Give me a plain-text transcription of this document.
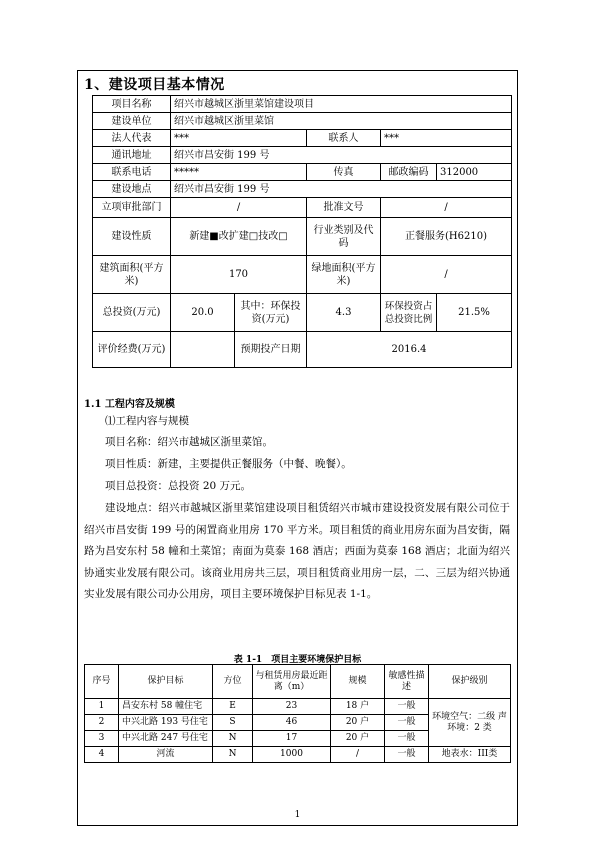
1、建设项目基本情况
项目名称	绍兴市越城区浙里菜馆建设项目				
建设单位	绍兴市越城区浙里菜馆				
法人代表	***		联系人	***	
通讯地址	绍兴市昌安街 199 号				
联系电话	*****		传真	邮政编码	312000
建设地点	绍兴市昌安街 199 号				
立项审批部门	/		批准文号	/	
建设性质	新建■改扩建□技改□		行业类别及代码	正餐服务(H6210)	
建筑面积(平方米)	170		绿地面积(平方米)	/	
总投资(万元)	20.0	其中：环保投资(万元)	4.3	环保投资占总投资比例	21.5%
评价经费(万元)		预期投产日期	2016.4		
1.1 工程内容及规模

⑴工程内容与规模

项目名称：绍兴市越城区浙里菜馆。

项目性质：新建，主要提供正餐服务（中餐、晚餐）。

项目总投资：总投资 20 万元。

建设地点：绍兴市越城区浙里菜馆建设项目租赁绍兴市城市建设投资发展有限公司位于绍兴市昌安街 199 号的闲置商业用房 170 平方米。项目租赁的商业用房东面为昌安街，隔路为昌安东村 58 幢和土菜馆；南面为莫泰 168 酒店；西面为莫泰 168 酒店；北面为绍兴协通实业发展有限公司。该商业用房共三层，项目租赁商业用房一层，二、三层为绍兴协通实业发展有限公司办公用房，项目主要环境保护目标见表 1-1。

表 1-1　项目主要环境保护目标
序号	保护目标	方位	与租赁用房最近距离（m）	规模	敏感性描述	保护级别
1	昌安东村 58 幢住宅	E	23	18 户	一般	环境空气：二级 声环境：2 类
2	中兴北路 193 号住宅	S	46	20 户	一般	
3	中兴北路 247 号住宅	N	17	20 户	一般	
4	河流	N	1000	/	一般	地表水：III类
1
